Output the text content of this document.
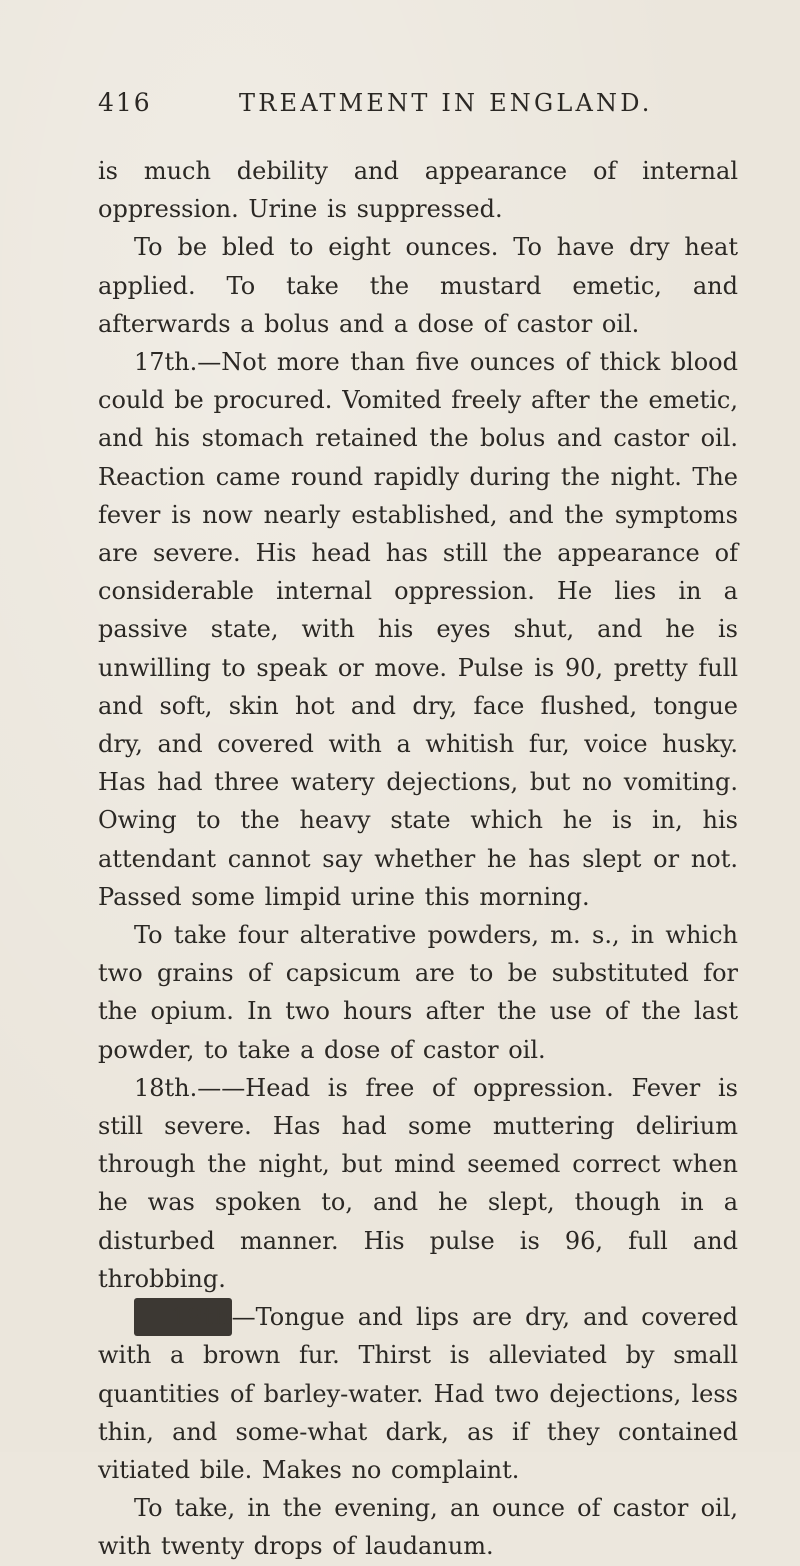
416	TREATMENT IN ENGLAND.

is much debility and appearance of internal oppression. Urine is suppressed.

To be bled to eight ounces. To have dry heat applied. To take the mustard emetic, and afterwards a bolus and a dose of castor oil.

17th.—Not more than five ounces of thick blood could be procured. Vomited freely after the emetic, and his stomach retained the bolus and castor oil. Reaction came round rapidly during the night. The fever is now nearly established, and the symptoms are severe. His head has still the appearance of considerable internal oppression. He lies in a passive state, with his eyes shut, and he is unwilling to speak or move. Pulse is 90, pretty full and soft, skin hot and dry, face flushed, tongue dry, and covered with a whitish fur, voice husky. Has had three watery dejections, but no vomiting. Owing to the heavy state which he is in, his attendant cannot say whether he has slept or not. Passed some limpid urine this morning.

To take four alterative powders, m. s., in which two grains of capsicum are to be substituted for the opium. In two hours after the use of the last powder, to take a dose of castor oil.

18th.——Head is free of oppression. Fever is still severe. Has had some muttering delirium through the night, but mind seemed correct when he was spoken to, and he slept, though in a disturbed manner. His pulse is 96, full and throbbing.

19th—Tongue and lips are dry, and covered with a brown fur. Thirst is alleviated by small quantities of barley-water. Had two dejections, less thin, and some-what dark, as if they contained vitiated bile. Makes no complaint.

To take, in the evening, an ounce of castor oil, with twenty drops of laudanum.
